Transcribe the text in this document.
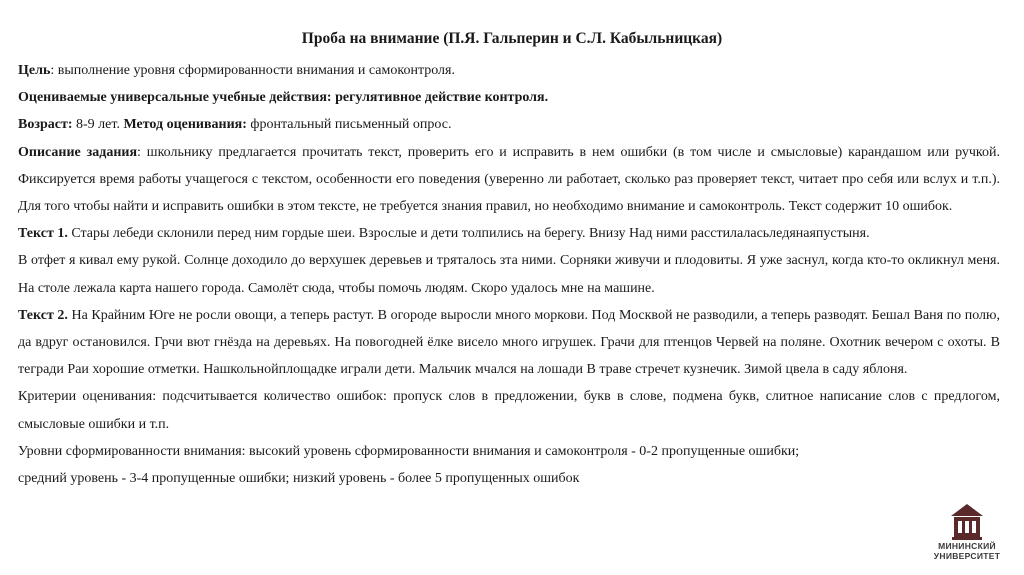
Проба на внимание (П.Я. Гальперин и С.Л. Кабыльницкая)

Цель: выполнение уровня сформированности внимания и самоконтроля.

Оцениваемые универсальные учебные действия: регулятивное действие контроля.

Возраст: 8-9 лет. Метод оценивания: фронтальный письменный опрос.

Описание задания: школьнику предлагается прочитать текст, проверить его и исправить в нем ошибки (в том числе и смысловые) карандашом или ручкой. Фиксируется время работы учащегося с текстом, особенности его поведения (уверенно ли работает, сколько раз проверяет текст, читает про себя или вслух и т.п.). Для того чтобы найти и исправить ошибки в этом тексте, не требуется знания правил, но необходимо внимание и самоконтроль. Текст содержит 10 ошибок.

Текст 1. Стары лебеди склонили перед ним гордые шеи. Взрослые и дети толпились на берегу. Внизу Над ними расстилаласьледянаяпустыня.

В отфет я кивал ему рукой. Солнце доходило до верхушек деревьев и тряталось зта ними. Сорняки живучи и плодовиты. Я уже заснул, когда кто-то окликнул меня. На столе лежала карта нашего города. Самолёт сюда, чтобы помочь людям. Скоро удалось мне на машине.

Текст 2. На Крайним Юге не росли овощи, а теперь растут. В огороде выросли много моркови. Под Москвой не разводили, а теперь разводят. Бешал Ваня по полю, да вдруг остановился. Грчи вют гнёзда на деревьях. На повогодней ёлке висело много игрушек. Грачи для птенцов Червей на поляне. Охотник вечером с охоты. В тегради Раи хорошие отметки. Нашкольнойплощадке играли дети. Мальчик мчался на лошади В траве стречет кузнечик. Зимой цвела в саду яблоня.

Критерии оценивания: подсчитывается количество ошибок: пропуск слов в предложении, букв в слове, подмена букв, слитное написание слов с предлогом, смысловые ошибки и т.п.

Уровни сформированности внимания: высокий уровень сформированности внимания и самоконтроля - 0-2 пропущенные ошибки;

средний уровень - 3-4 пропущенные ошибки; низкий уровень - более 5 пропущенных ошибок

МИНИНСКИЙ
УНИВЕРСИТЕТ
